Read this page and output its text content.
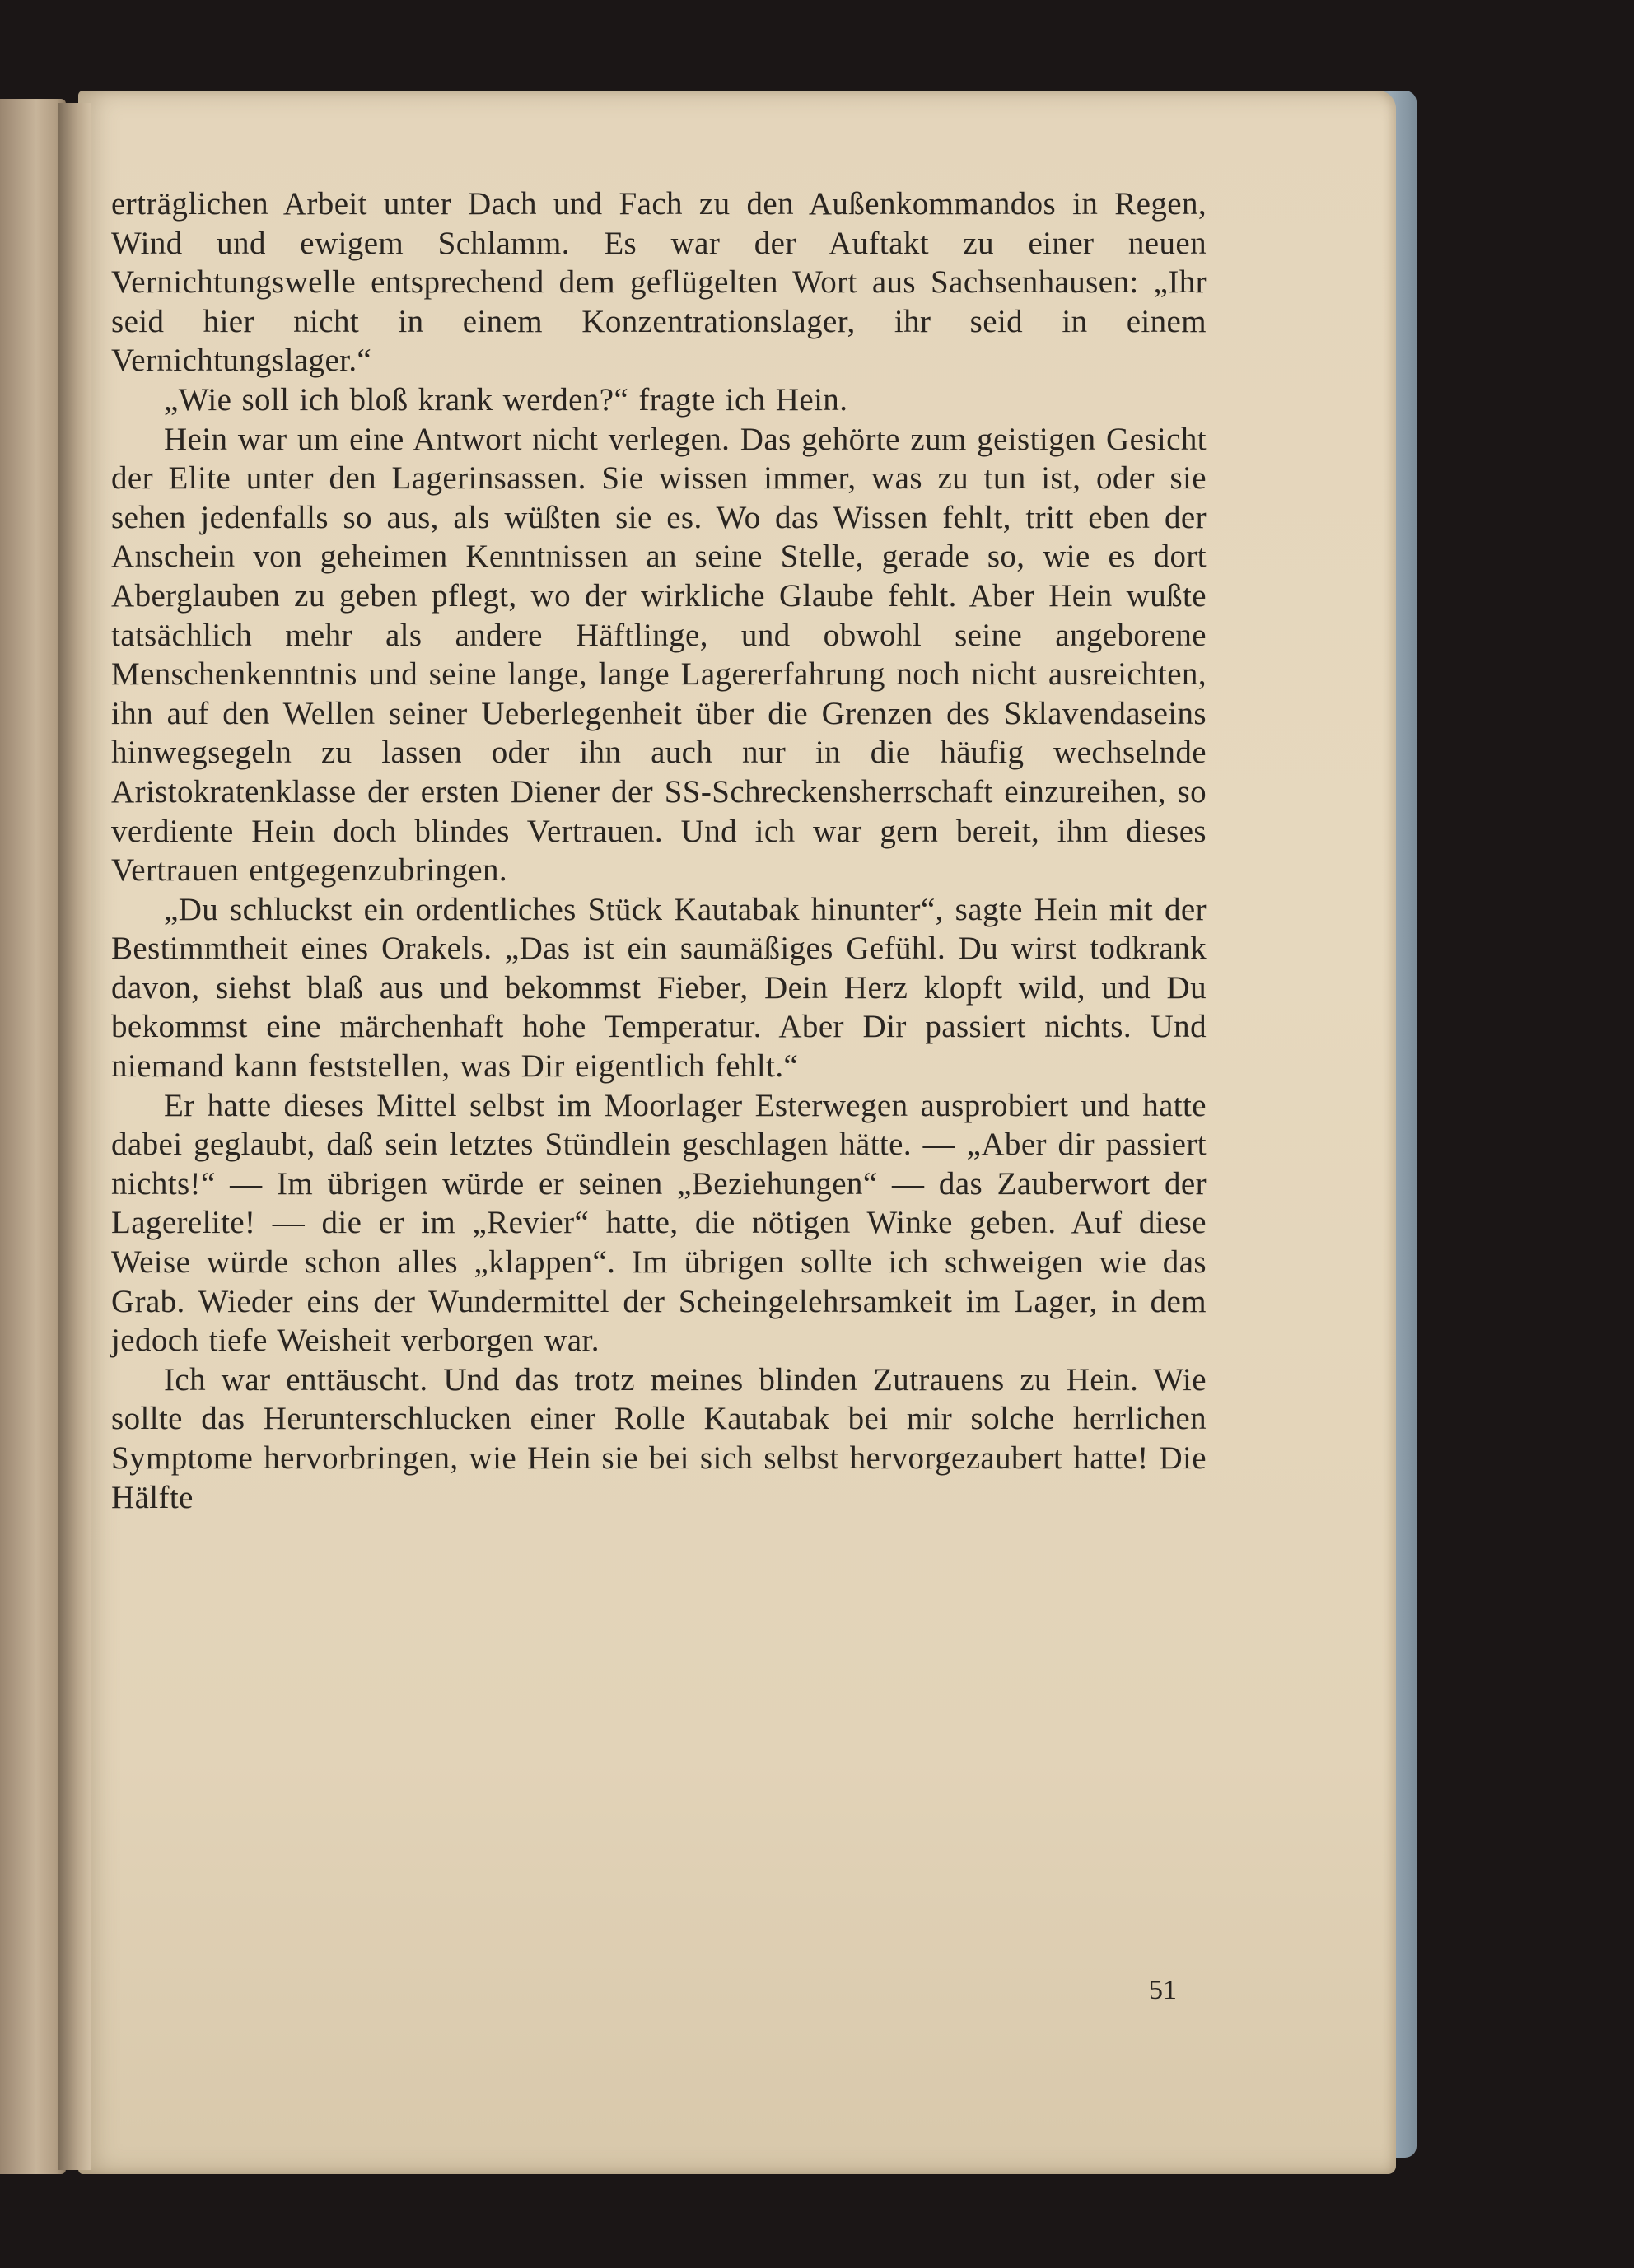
erträglichen Arbeit unter Dach und Fach zu den Außenkommandos in Regen, Wind und ewigem Schlamm. Es war der Auftakt zu einer neuen Vernichtungswelle entsprechend dem geflügelten Wort aus Sachsenhausen: „Ihr seid hier nicht in einem Konzentrationslager, ihr seid in einem Vernichtungslager.“

„Wie soll ich bloß krank werden?“ fragte ich Hein.

Hein war um eine Antwort nicht verlegen. Das gehörte zum geistigen Gesicht der Elite unter den Lagerinsassen. Sie wissen immer, was zu tun ist, oder sie sehen jedenfalls so aus, als wüßten sie es. Wo das Wissen fehlt, tritt eben der Anschein von geheimen Kenntnissen an seine Stelle, gerade so, wie es dort Aberglauben zu geben pflegt, wo der wirkliche Glaube fehlt. Aber Hein wußte tatsächlich mehr als andere Häftlinge, und obwohl seine angeborene Menschenkenntnis und seine lange, lange Lagererfahrung noch nicht ausreichten, ihn auf den Wellen seiner Ueberlegenheit über die Grenzen des Sklavendaseins hinwegsegeln zu lassen oder ihn auch nur in die häufig wechselnde Aristokratenklasse der ersten Diener der SS-Schreckensherrschaft einzureihen, so verdiente Hein doch blindes Vertrauen. Und ich war gern bereit, ihm dieses Vertrauen entgegenzubringen.

„Du schluckst ein ordentliches Stück Kautabak hinunter“, sagte Hein mit der Bestimmtheit eines Orakels. „Das ist ein saumäßiges Gefühl. Du wirst todkrank davon, siehst blaß aus und bekommst Fieber, Dein Herz klopft wild, und Du bekommst eine märchenhaft hohe Temperatur. Aber Dir passiert nichts. Und niemand kann feststellen, was Dir eigentlich fehlt.“

Er hatte dieses Mittel selbst im Moorlager Esterwegen ausprobiert und hatte dabei geglaubt, daß sein letztes Stündlein geschlagen hätte. — „Aber dir passiert nichts!“ — Im übrigen würde er seinen „Beziehungen“ — das Zauberwort der Lagerelite! — die er im „Revier“ hatte, die nötigen Winke geben. Auf diese Weise würde schon alles „klappen“. Im übrigen sollte ich schweigen wie das Grab. Wieder eins der Wundermittel der Scheingelehrsamkeit im Lager, in dem jedoch tiefe Weisheit verborgen war.

Ich war enttäuscht. Und das trotz meines blinden Zutrauens zu Hein. Wie sollte das Herunterschlucken einer Rolle Kautabak bei mir solche herrlichen Symptome hervorbringen, wie Hein sie bei sich selbst hervorgezaubert hatte! Die Hälfte

51
